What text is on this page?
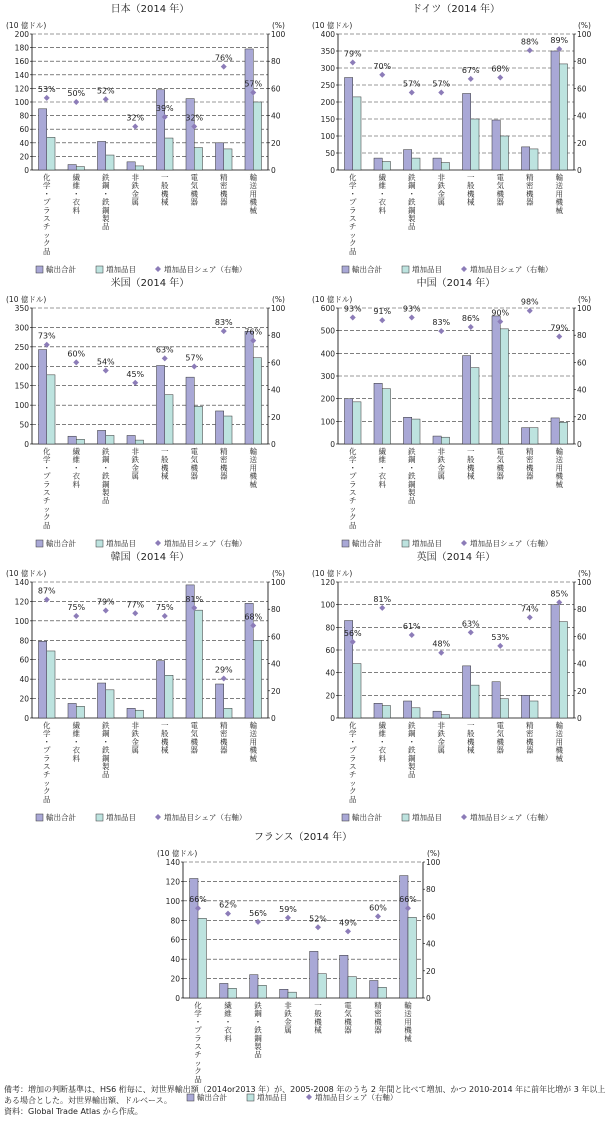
日本（2014 年）
(10 億ドル)	(%)
0
20
40
60
80
100
120
140
160
180
200
0
20
40
60
80
100
53%
化学・プラスチック品
50%
繊維・衣料
52%
鉄鋼・鉄鋼製品
32%
非鉄金属
39%
一般機械
32%
電気機器
76%
精密機器
57%
輸送用機械
輸出合計	増加品目	増加品目シェア（右軸）
ドイツ（2014 年）
(10 億ドル)	(%)
0
50
100
150
200
250
300
350
400
0
20
40
60
80
100
79%
化学・プラスチック品
70%
繊維・衣料
57%
鉄鋼・鉄鋼製品
57%
非鉄金属
67%
一般機械
68%
電気機器
88%
精密機器
89%
輸送用機械
輸出合計	増加品目	増加品目シェア（右軸）
米国（2014 年）
(10 億ドル)	(%)
0
50
100
150
200
250
300
350
0
20
40
60
80
100
73%
化学・プラスチック品
60%
繊維・衣料
54%
鉄鋼・鉄鋼製品
45%
非鉄金属
63%
一般機械
57%
電気機器
83%
精密機器
76%
輸送用機械
輸出合計	増加品目	増加品目シェア（右軸）
中国（2014 年）
(10 億ドル)	(%)
0
100
200
300
400
500
600
0
20
40
60
80
100
93%
化学・プラスチック品
91%
繊維・衣料
93%
鉄鋼・鉄鋼製品
83%
非鉄金属
86%
一般機械
90%
電気機器
98%
精密機器
79%
輸送用機械
輸出合計	増加品目	増加品目シェア（右軸）
韓国（2014 年）
(10 億ドル)	(%)
0
20
40
60
80
100
120
140
0
20
40
60
80
100
87%
化学・プラスチック品
75%
繊維・衣料
79%
鉄鋼・鉄鋼製品
77%
非鉄金属
75%
一般機械
81%
電気機器
29%
精密機器
68%
輸送用機械
輸出合計	増加品目	増加品目シェア（右軸）
英国（2014 年）
(10 億ドル)	(%)
0
20
40
60
80
100
120
0
20
40
60
80
100
56%
化学・プラスチック品
81%
繊維・衣料
61%
鉄鋼・鉄鋼製品
48%
非鉄金属
63%
一般機械
53%
電気機器
74%
精密機器
85%
輸送用機械
輸出合計	増加品目	増加品目シェア（右軸）
フランス（2014 年）
(10 億ドル)	(%)
0
20
40
60
80
100
120
140
0
20
40
60
80
100
66%
化学・プラスチック品
62%
繊維・衣料
56%
鉄鋼・鉄鋼製品
59%
非鉄金属
52%
一般機械
49%
電気機器
60%
精密機器
66%
輸送用機械
輸出合計	増加品目	増加品目シェア（右軸）
備考：増加の判断基準は、HS6 桁毎に、対世界輸出額（2014or2013 年）が、2005-2008 年のうち 2 年間と比べて増加、かつ 2010-2014 年に前年比増が 3 年以上ある場合とした。対世界輸出額、ドルベース。
資料：Global Trade Atlas から作成。
